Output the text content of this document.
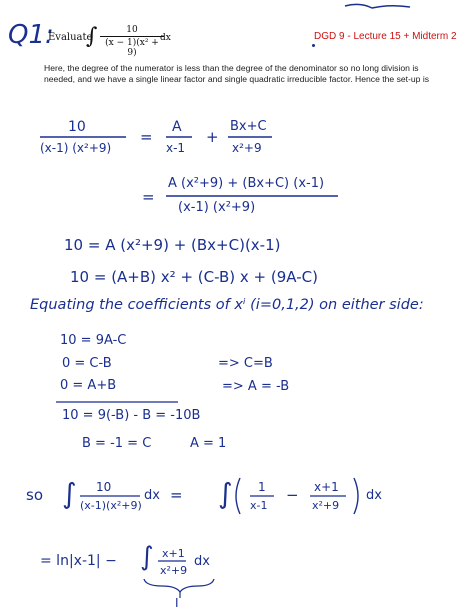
Q1:
Evaluate
∫ $\frac{10}{\text{(x − 1)(x² + 9)}}$
dx	DGD 9 - Lecture 15 + Midterm 2
Here, the degree of the numerator is less than the degree of the denominator so no long division is needed, and we have a single linear factor and single quadratic irreducible factor. Hence the set-up is
10
(x-1) (x²+9)
=
A
x-1
+
Bx+C
x²+9
=
A (x²+9) + (Bx+C) (x-1)
(x-1) (x²+9)
10 = A (x²+9) + (Bx+C)(x-1)
10 = (A+B) x² + (C-B) x + (9A-C)
Equating the coefficients of xⁱ (i=0,1,2) on either side:
10 = 9A-C
0 = C-B	=> C=B
0 = A+B	=> A = -B
10 = 9(-B) - B = -10B
B = -1 = C	A = 1
so ∫ 10
(x-1)(x²+9)
dx = ∫ 1
x-1
− x+1
x²+9
dx
= ln|x-1| − ∫ x+1
x²+9
dx
I
